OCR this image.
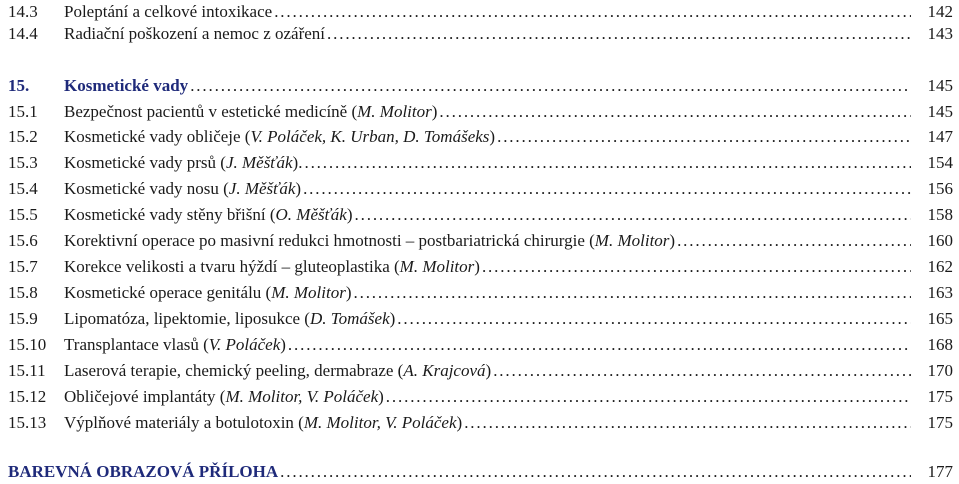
14.3	Poleptání a celkové intoxikace . . .	142
14.4	Radiační poškození a nemoc z ozáření . . .	143
15.	Kosmetické vady . . .	145
15.1	Bezpečnost pacientů v estetické medicíně (M. Molitor) . . .	145
15.2	Kosmetické vady obličeje (V. Poláček, K. Urban, D. Tomášeks) . . .	147
15.3	Kosmetické vady prsů (J. Měšťák). . . .	154
15.4	Kosmetické vady nosu (J. Měšťák) . . .	156
15.5	Kosmetické vady stěny břišní (O. Měšťák) . . .	158
15.6	Korektivní operace po masivní redukci hmotnosti – postbariatrická chirurgie (M. Molitor) . . .	160
15.7	Korekce velikosti a tvaru hýždí – gluteoplastika (M. Molitor) . . .	162
15.8	Kosmetické operace genitálu (M. Molitor) . . .	163
15.9	Lipomatóza, lipektomie, liposukce (D. Tomášek) . . .	165
15.10	Transplantace vlasů (V. Poláček) . . .	168
15.11	Laserová terapie, chemický peeling, dermabraze (A. Krajcová) . . .	170
15.12	Obličejové implantáty (M. Molitor, V. Poláček) . . .	175
15.13	Výplňové materiály a botulotoxin (M. Molitor, V. Poláček) . . .	175
BAREVNÁ OBRAZOVÁ PŘÍLOHA . . .	177
